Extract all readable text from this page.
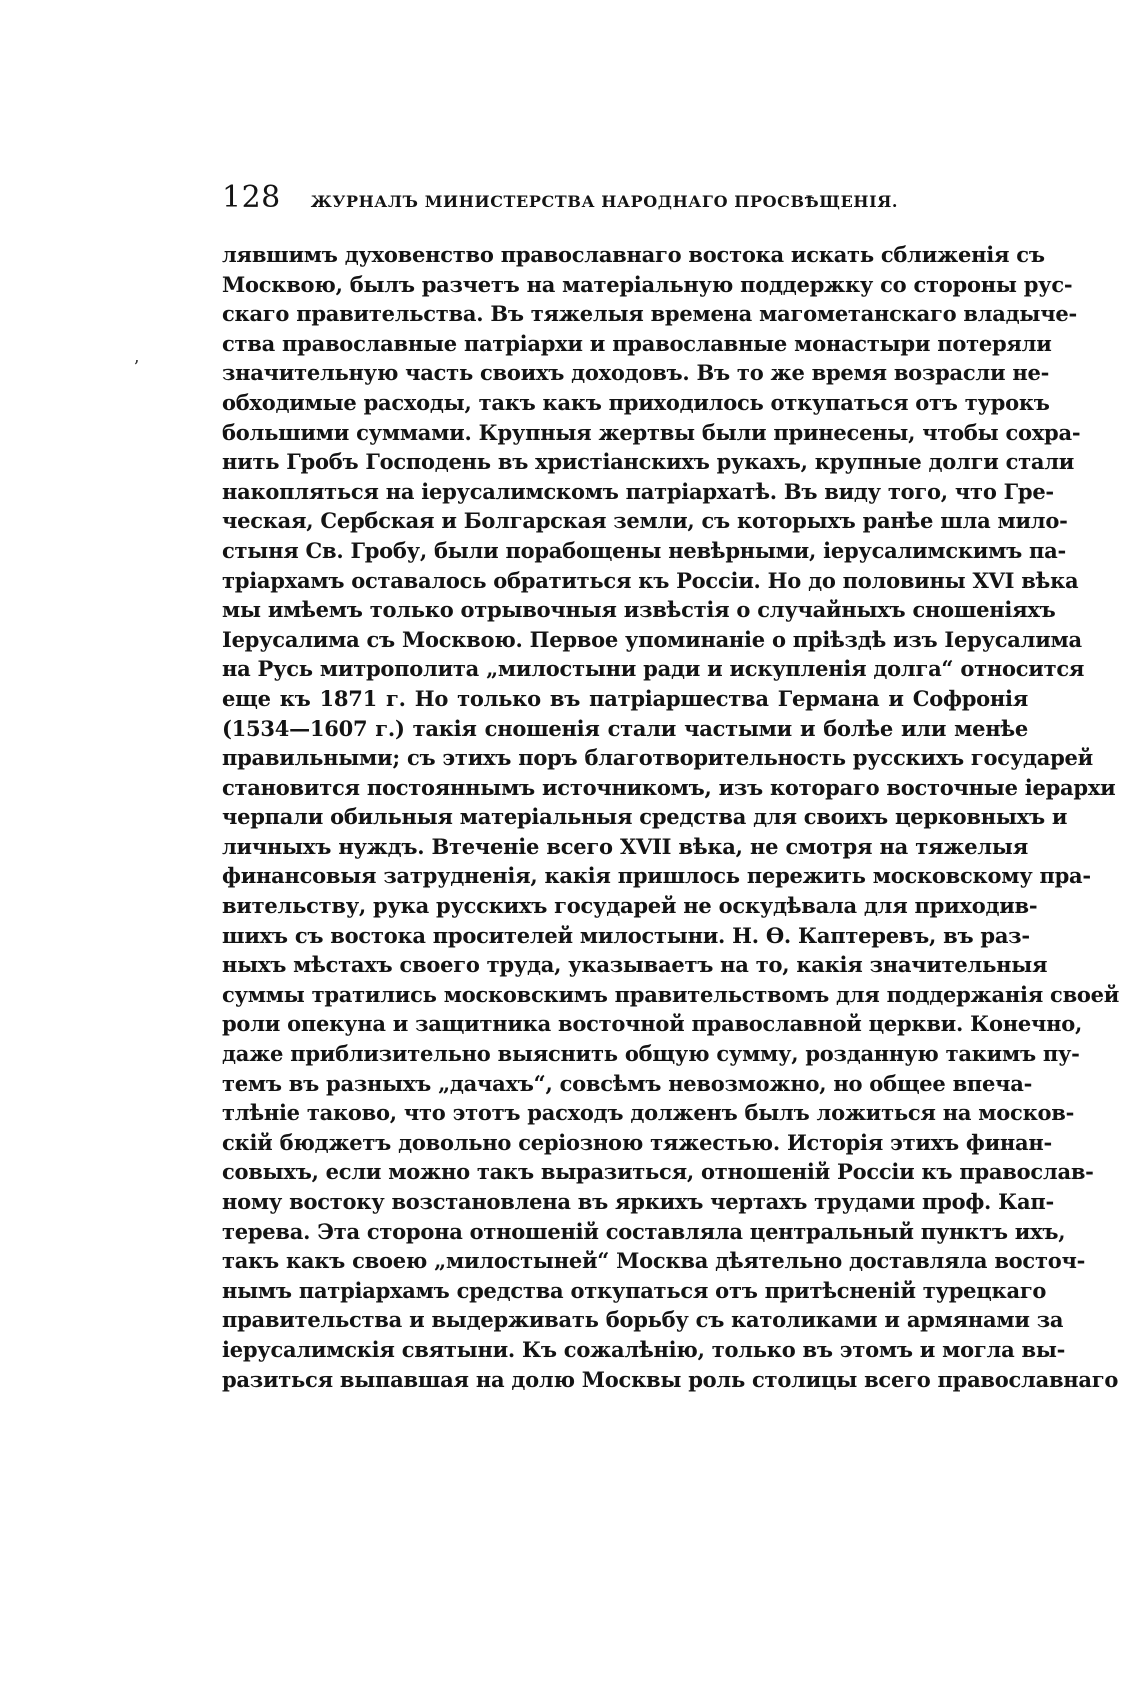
128 ЖУРНАЛЪ МИНИСТЕРСТВА НАРОДНАГО ПРОСВѢЩЕНІЯ.
ʼ
лявшимъ духовенство православнаго востока искать сближенія съ
Москвою, былъ разчетъ на матеріальную поддержку со стороны рус-
скаго правительства. Въ тяжелыя времена магометанскаго владыче-
ства православные патріархи и православные монастыри потеряли
значительную часть своихъ доходовъ. Въ то же время возрасли не-
обходимые расходы, такъ какъ приходилось откупаться отъ турокъ
большими суммами. Крупныя жертвы были принесены, чтобы сохра-
нить Гробъ Господень въ христіанскихъ рукахъ, крупные долги стали
накопляться на іерусалимскомъ патріархатѣ. Въ виду того, что Гре-
ческая, Сербская и Болгарская земли, съ которыхъ ранѣе шла мило-
стыня Св. Гробу, были порабощены невѣрными, іерусалимскимъ па-
тріархамъ оставалось обратиться къ Россіи. Но до половины XVI вѣка
мы имѣемъ только отрывочныя извѣстія о случайныхъ сношеніяхъ
Іерусалима съ Москвою. Первое упоминаніе о пріѣздѣ изъ Іерусалима
на Русь митрополита „милостыни ради и искупленія долга“ относится
еще къ 1871 г. Но только въ патріаршества Германа и Софронія
(1534—1607 г.) такія сношенія стали частыми и болѣе или менѣе
правильными; съ этихъ поръ благотворительность русскихъ государей
становится постояннымъ источникомъ, изъ котораго восточные іерархи
черпали обильныя матеріальныя средства для своихъ церковныхъ и
личныхъ нуждъ. Втеченіе всего XVII вѣка, не смотря на тяжелыя
финансовыя затрудненія, какія пришлось пережить московскому пра-
вительству, рука русскихъ государей не оскудѣвала для приходив-
шихъ съ востока просителей милостыни. Н. Ѳ. Каптеревъ, въ раз-
ныхъ мѣстахъ своего труда, указываетъ на то, какія значительныя
суммы тратились московскимъ правительствомъ для поддержанія своей
роли опекуна и защитника восточной православной церкви. Конечно,
даже приблизительно выяснить общую сумму, розданную такимъ пу-
темъ въ разныхъ „дачахъ“, совсѣмъ невозможно, но общее впеча-
тлѣніе таково, что этотъ расходъ долженъ былъ ложиться на москов-
скій бюджетъ довольно серіозною тяжестью. Исторія этихъ финан-
совыхъ, если можно такъ выразиться, отношеній Россіи къ православ-
ному востоку возстановлена въ яркихъ чертахъ трудами проф. Кап-
терева. Эта сторона отношеній составляла центральный пунктъ ихъ,
такъ какъ своею „милостыней“ Москва дѣятельно доставляла восточ-
нымъ патріархамъ средства откупаться отъ притѣсненій турецкаго
правительства и выдерживать борьбу съ католиками и армянами за
іерусалимскія святыни. Къ сожалѣнію, только въ этомъ и могла вы-
разиться выпавшая на долю Москвы роль столицы всего православнаго
